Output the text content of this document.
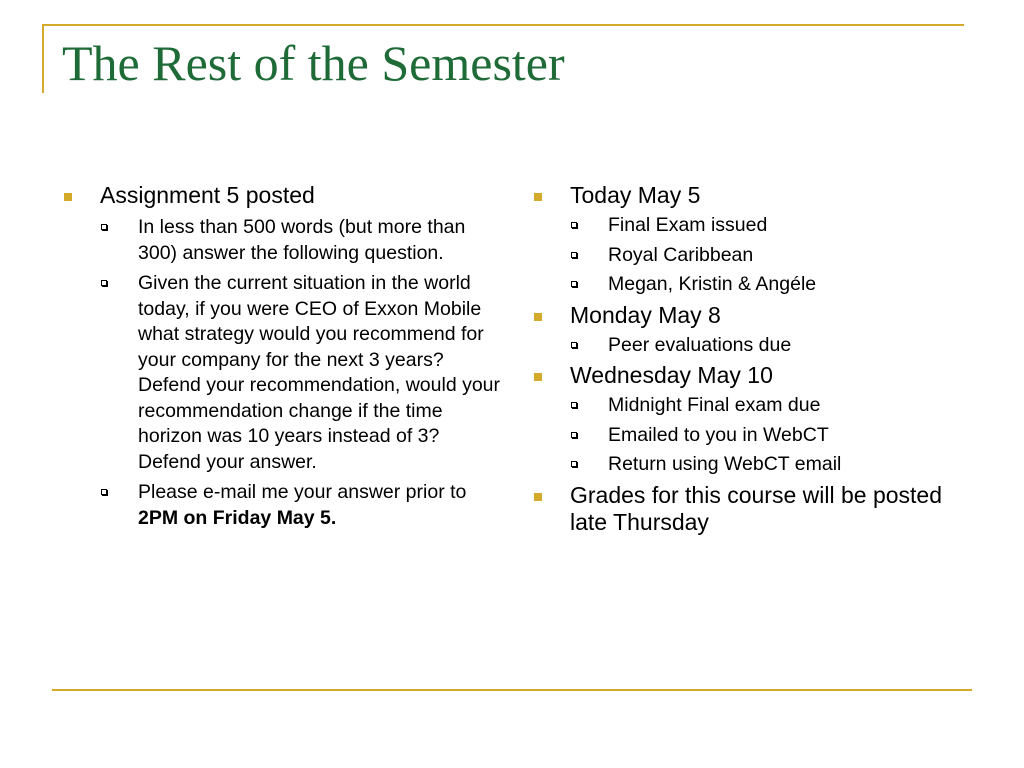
The Rest of the Semester
Assignment 5 posted
In less than 500 words (but more than 300) answer the following question.
Given the current situation in the world today, if you were CEO of Exxon Mobile what strategy would you recommend for your company for the next 3 years? Defend your recommendation, would your recommendation change if the time horizon was 10 years instead of 3? Defend your answer.
Please e-mail me your answer prior to 2PM on Friday May 5.
Today May 5
Final Exam issued
Royal Caribbean
Megan, Kristin & Angéle
Monday May 8
Peer evaluations due
Wednesday May 10
Midnight Final exam due
Emailed to you in WebCT
Return using WebCT email
Grades for this course will be posted late Thursday
